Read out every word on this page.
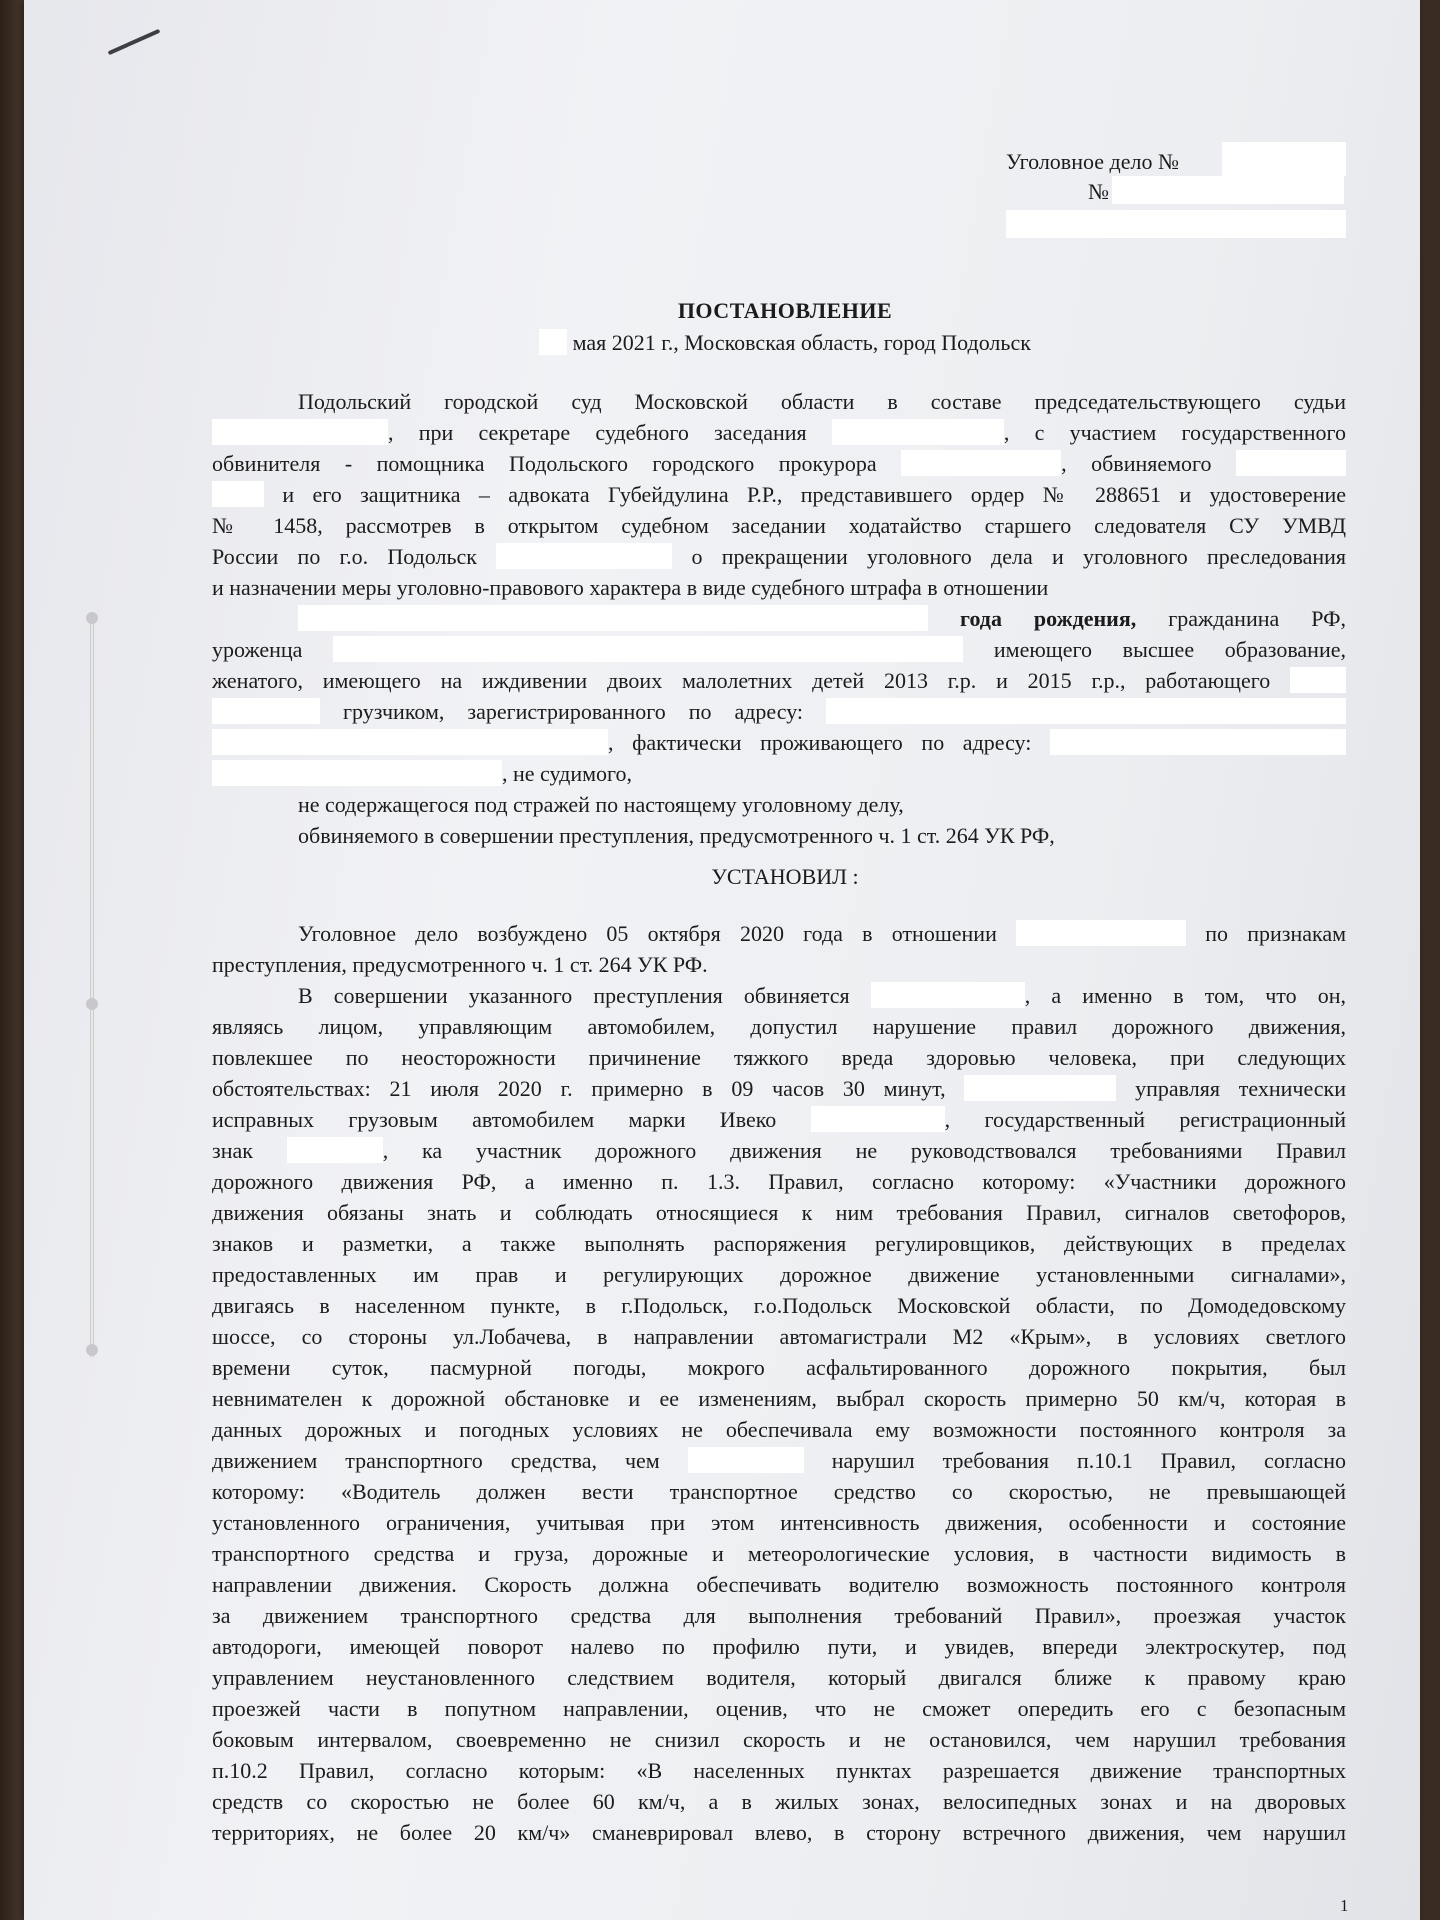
Уголовное дело №
№
ПОСТАНОВЛЕНИЕ
мая 2021 г., Московская область, город Подольск
Подольский городской суд Московской области в составе председательствующего судьи
, при секретаре судебного заседания	, с участием государственного
обвинителя - помощника Подольского городского прокурора	, обвиняемого
и его защитника – адвоката Губейдулина Р.Р., представившего ордер № 288651 и удостоверение
№ 1458, рассмотрев в открытом судебном заседании ходатайство старшего следователя СУ УМВД
России по г.о. Подольск	о прекращении уголовного дела и уголовного преследования
и назначении меры уголовно-правового характера в виде судебного штрафа в отношении
года рождения, гражданина РФ,
уроженца	имеющего высшее образование,
женатого, имеющего на иждивении двоих малолетних детей 2013 г.р. и 2015 г.р., работающего
грузчиком, зарегистрированного по адресу:
, фактически проживающего по адресу:
, не судимого,
не содержащегося под стражей по настоящему уголовному делу,
обвиняемого в совершении преступления, предусмотренного ч. 1 ст. 264 УК РФ,
УСТАНОВИЛ :
Уголовное дело возбуждено 05 октября 2020 года в отношении	по признакам
преступления, предусмотренного ч. 1 ст. 264 УК РФ.
В совершении указанного преступления обвиняется	, а именно в том, что он,
являясь лицом, управляющим автомобилем, допустил нарушение правил дорожного движения,
повлекшее по неосторожности причинение тяжкого вреда здоровью человека, при следующих
обстоятельствах: 21 июля 2020 г. примерно в 09 часов 30 минут,	управляя технически
исправных грузовым автомобилем марки Ивеко	, государственный регистрационный
знак	, ка участник дорожного движения не руководствовался требованиями Правил
дорожного движения РФ, а именно п. 1.3. Правил, согласно которому: «Участники дорожного
движения обязаны знать и соблюдать относящиеся к ним требования Правил, сигналов светофоров,
знаков и разметки, а также выполнять распоряжения регулировщиков, действующих в пределах
предоставленных им прав и регулирующих дорожное движение установленными сигналами»,
двигаясь в населенном пункте, в г.Подольск, г.о.Подольск Московской области, по Домодедовскому
шоссе, со стороны ул.Лобачева, в направлении автомагистрали М2 «Крым», в условиях светлого
времени суток, пасмурной погоды, мокрого асфальтированного дорожного покрытия, был
невнимателен к дорожной обстановке и ее изменениям, выбрал скорость примерно 50 км/ч, которая в
данных дорожных и погодных условиях не обеспечивала ему возможности постоянного контроля за
движением транспортного средства, чем	нарушил требования п.10.1 Правил, согласно
которому: «Водитель должен вести транспортное средство со скоростью, не превышающей
установленного ограничения, учитывая при этом интенсивность движения, особенности и состояние
транспортного средства и груза, дорожные и метеорологические условия, в частности видимость в
направлении движения. Скорость должна обеспечивать водителю возможность постоянного контроля
за движением транспортного средства для выполнения требований Правил», проезжая участок
автодороги, имеющей поворот налево по профилю пути, и увидев, впереди электроскутер, под
управлением неустановленного следствием водителя, который двигался ближе к правому краю
проезжей части в попутном направлении, оценив, что не сможет опередить его с безопасным
боковым интервалом, своевременно не снизил скорость и не остановился, чем нарушил требования
п.10.2 Правил, согласно которым: «В населенных пунктах разрешается движение транспортных
средств со скоростью не более 60 км/ч, а в жилых зонах, велосипедных зонах и на дворовых
территориях, не более 20 км/ч» сманеврировал влево, в сторону встречного движения, чем нарушил
1
